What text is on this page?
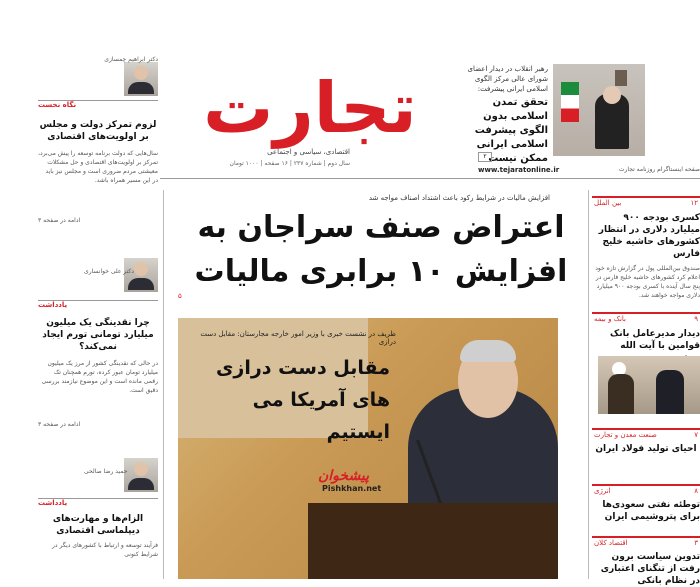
رهبر انقلاب در دیدار اعضای شورای عالی مرکز الگوی اسلامی ایرانی پیشرفت:
تحقق تمدن اسلامی بدون الگوی پیشرفت اسلامی ایرانی ممکن نیست
۲
تجارت
اقتصادی، سیاسی و اجتماعی
سال دوم | شماره ۲۳۷ | ۱۶ صفحه | ۱۰۰۰ تومان
www.tejaratonline.ir	صفحه اینستاگرام روزنامه تجارت
افزایش مالیات در شرایط رکود باعث اشتداد اصناف مواجه شد
اعتراض صنف سراجان به افزایش ۱۰ برابری مالیات
۵
ظریف در نشست خبری با وزیر امور خارجه مجارستان: مقابل دست درازی
مقابل دست درازی های آمریکا می ایستیم
پیشخوان
Pishkhan.net
دکتر ابراهیم چمسازی
نگاه نخست
لزوم تمرکز دولت و مجلس بر اولویت‌های اقتصادی
سال‌هایی که دولت برنامه توسعه را پیش می‌برد، تمرکز بر اولویت‌های اقتصادی و حل مشکلات معیشتی مردم ضروری است و مجلس نیز باید در این مسیر همراه باشد.
ادامه در صفحه ۳
دکتر علی خوانساری
یادداشت
چرا نقدینگی یک میلیون میلیارد تومانی تورم ایجاد نمی‌کند؟
در حالی که نقدینگی کشور از مرز یک میلیون میلیارد تومان عبور کرده، تورم همچنان تک رقمی مانده است و این موضوع نیازمند بررسی دقیق است.
ادامه در صفحه ۳
حمید رضا صالحی
یادداشت
الزام‌ها و مهارت‌های دیپلماسی اقتصادی
فرآیند توسعه و ارتباط با کشورهای دیگر در شرایط کنونی
بین الملل	۱۲
کسری بودجه ۹۰۰ میلیارد دلاری در انتظار کشورهای حاشیه خلیج فارس
صندوق بین‌المللی پول در گزارش تازه خود اعلام کرد کشورهای حاشیه خلیج فارس در پنج سال آینده با کسری بودجه ۹۰۰ میلیارد دلاری مواجه خواهند شد.
بانک و بیمه	۹
دیدار مدیرعامل بانک قوامین با آیت الله
صنعت معدن و تجارت	۷
احیای تولید فولاد ایران
انرژی	۸
توطئه نفتی سعودی‌ها برای پتروشیمی ایران
اقتصاد کلان	۳
تدوین سیاست برون رفت از تنگنای اعتباری در نظام بانکی
